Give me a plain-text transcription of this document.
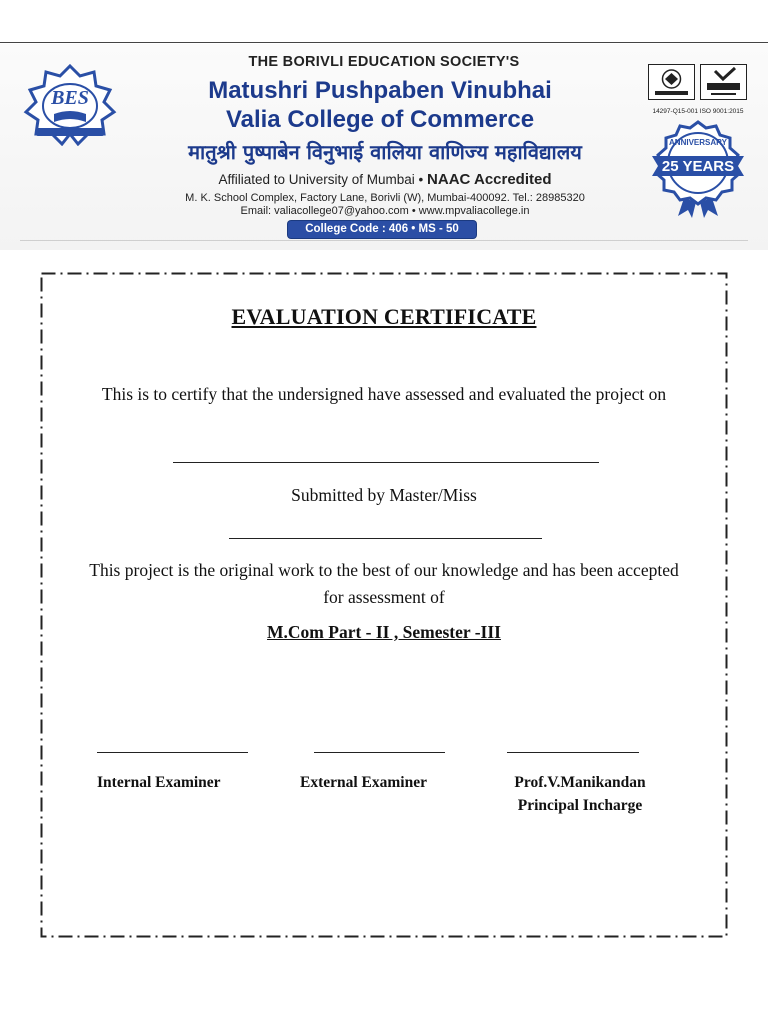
BES
THE BORIVLI EDUCATION SOCIETY'S
Matushri Pushpaben Vinubhai
Valia College of Commerce
मातुश्री पुष्पाबेन विनुभाई वालिया वाणिज्य महाविद्यालय
Affiliated to University of Mumbai • NAAC Accredited
M. K. School Complex, Factory Lane, Borivli (W), Mumbai-400092. Tel.: 28985320
Email: valiacollege07@yahoo.com • www.mpvaliacollege.in
College Code : 406 • MS - 50
14297-Q15-001 ISO 9001:2015
ANNIVERSARY
25 YEARS
EVALUATION CERTIFICATE
This is to certify that the undersigned have assessed and evaluated the project on
Submitted by Master/Miss
This project is the original work to the best of our knowledge and has been accepted for assessment of
M.Com Part - II , Semester -III
Internal Examiner	External Examiner	Prof.V.Manikandan
Principal Incharge
